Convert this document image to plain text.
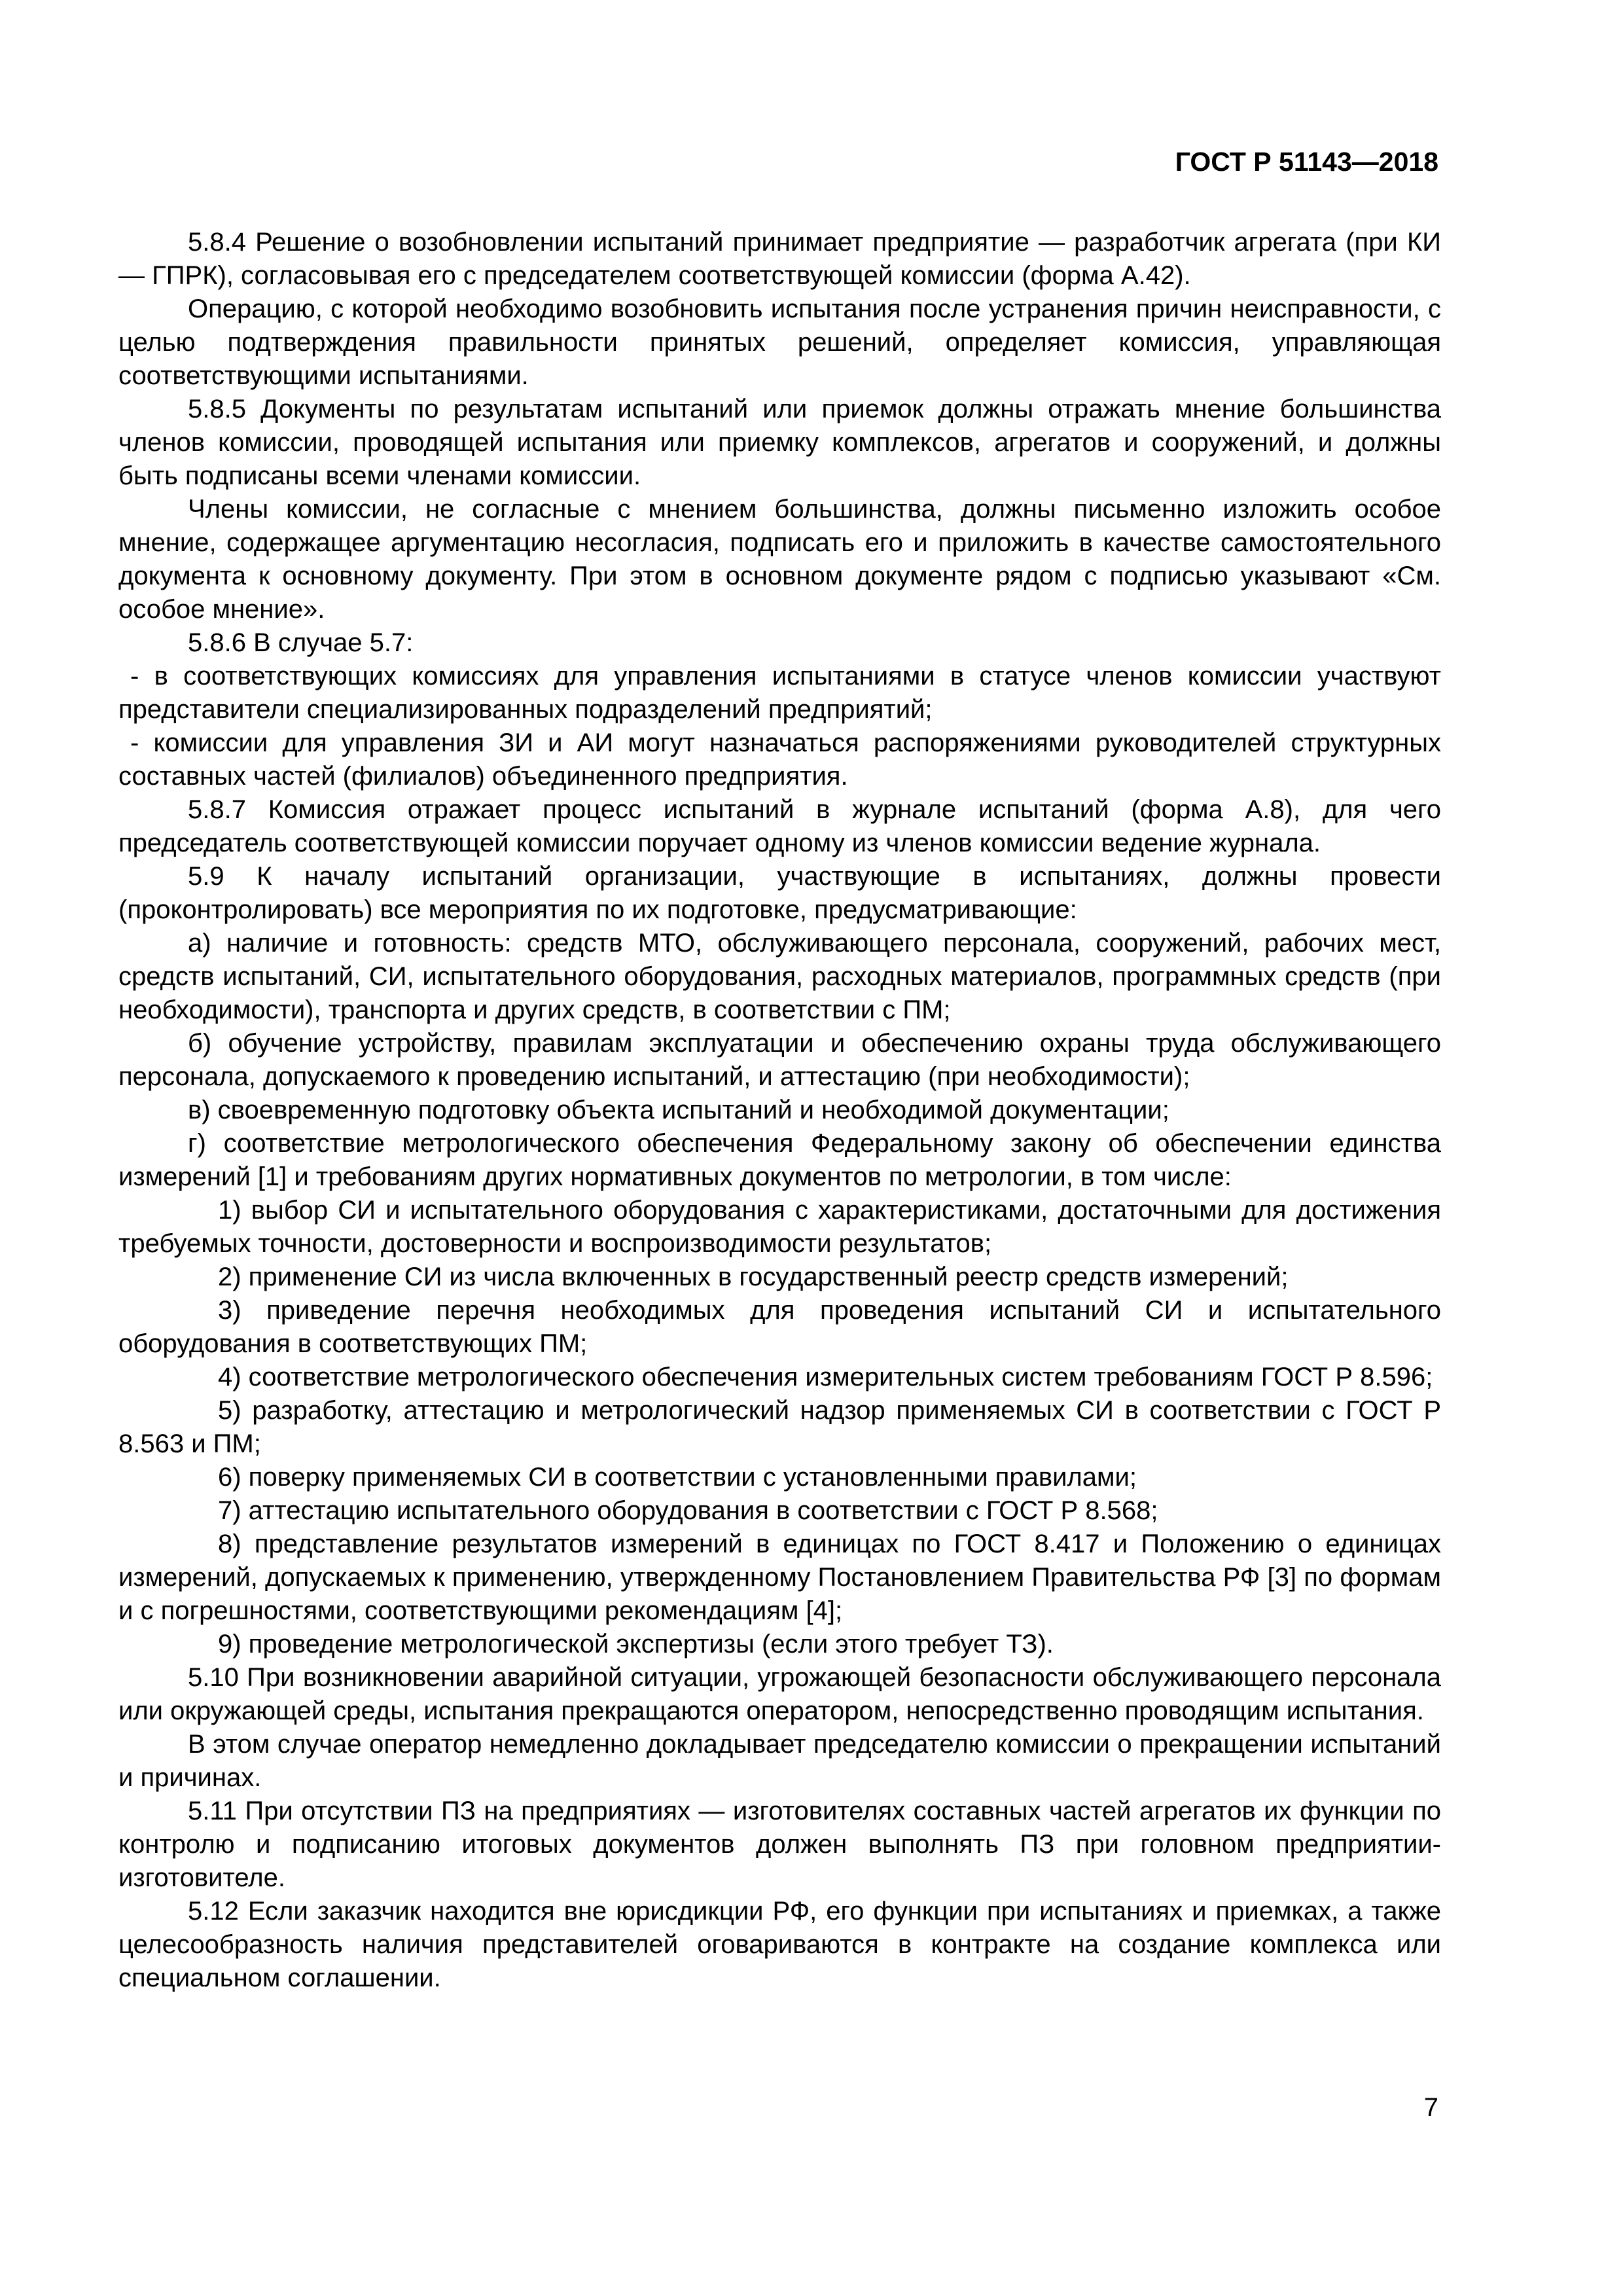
ГОСТ Р 51143—2018

5.8.4 Решение о возобновлении испытаний принимает предприятие — разработчик агрегата (при КИ — ГПРК), согласовывая его с председателем соответствующей комиссии (форма А.42).

Операцию, с которой необходимо возобновить испытания после устранения причин неисправности, с целью подтверждения правильности принятых решений, определяет комиссия, управляющая соответствующими испытаниями.

5.8.5 Документы по результатам испытаний или приемок должны отражать мнение большинства членов комиссии, проводящей испытания или приемку комплексов, агрегатов и сооружений, и должны быть подписаны всеми членами комиссии.

Члены комиссии, не согласные с мнением большинства, должны письменно изложить особое мнение, содержащее аргументацию несогласия, подписать его и приложить в качестве самостоятельного документа к основному документу. При этом в основном документе рядом с подписью указывают «См. особое мнение».

5.8.6 В случае 5.7:

- в соответствующих комиссиях для управления испытаниями в статусе членов комиссии участвуют представители специализированных подразделений предприятий;

- комиссии для управления ЗИ и АИ могут назначаться распоряжениями руководителей структурных составных частей (филиалов) объединенного предприятия.

5.8.7 Комиссия отражает процесс испытаний в журнале испытаний (форма А.8), для чего председатель соответствующей комиссии поручает одному из членов комиссии ведение журнала.

5.9 К началу испытаний организации, участвующие в испытаниях, должны провести (проконтролировать) все мероприятия по их подготовке, предусматривающие:

а) наличие и готовность: средств МТО, обслуживающего персонала, сооружений, рабочих мест, средств испытаний, СИ, испытательного оборудования, расходных материалов, программных средств (при необходимости), транспорта и других средств, в соответствии с ПМ;

б) обучение устройству, правилам эксплуатации и обеспечению охраны труда обслуживающего персонала, допускаемого к проведению испытаний, и аттестацию (при необходимости);

в) своевременную подготовку объекта испытаний и необходимой документации;

г) соответствие метрологического обеспечения Федеральному закону об обеспечении единства измерений [1] и требованиям других нормативных документов по метрологии, в том числе:

1) выбор СИ и испытательного оборудования с характеристиками, достаточными для достижения требуемых точности, достоверности и воспроизводимости результатов;

2) применение СИ из числа включенных в государственный реестр средств измерений;

3) приведение перечня необходимых для проведения испытаний СИ и испытательного оборудования в соответствующих ПМ;

4) соответствие метрологического обеспечения измерительных систем требованиям ГОСТ Р 8.596;

5) разработку, аттестацию и метрологический надзор применяемых СИ в соответствии с ГОСТ Р 8.563 и ПМ;

6) поверку применяемых СИ в соответствии с установленными правилами;

7) аттестацию испытательного оборудования в соответствии с ГОСТ Р 8.568;

8) представление результатов измерений в единицах по ГОСТ 8.417 и Положению о единицах измерений, допускаемых к применению, утвержденному Постановлением Правительства РФ [3] по формам и с погрешностями, соответствующими рекомендациям [4];

9) проведение метрологической экспертизы (если этого требует ТЗ).

5.10 При возникновении аварийной ситуации, угрожающей безопасности обслуживающего персонала или окружающей среды, испытания прекращаются оператором, непосредственно проводящим испытания.

В этом случае оператор немедленно докладывает председателю комиссии о прекращении испытаний и причинах.

5.11 При отсутствии ПЗ на предприятиях — изготовителях составных частей агрегатов их функции по контролю и подписанию итоговых документов должен выполнять ПЗ при головном предприятии-изготовителе.

5.12 Если заказчик находится вне юрисдикции РФ, его функции при испытаниях и приемках, а также целесообразность наличия представителей оговариваются в контракте на создание комплекса или специальном соглашении.

7
